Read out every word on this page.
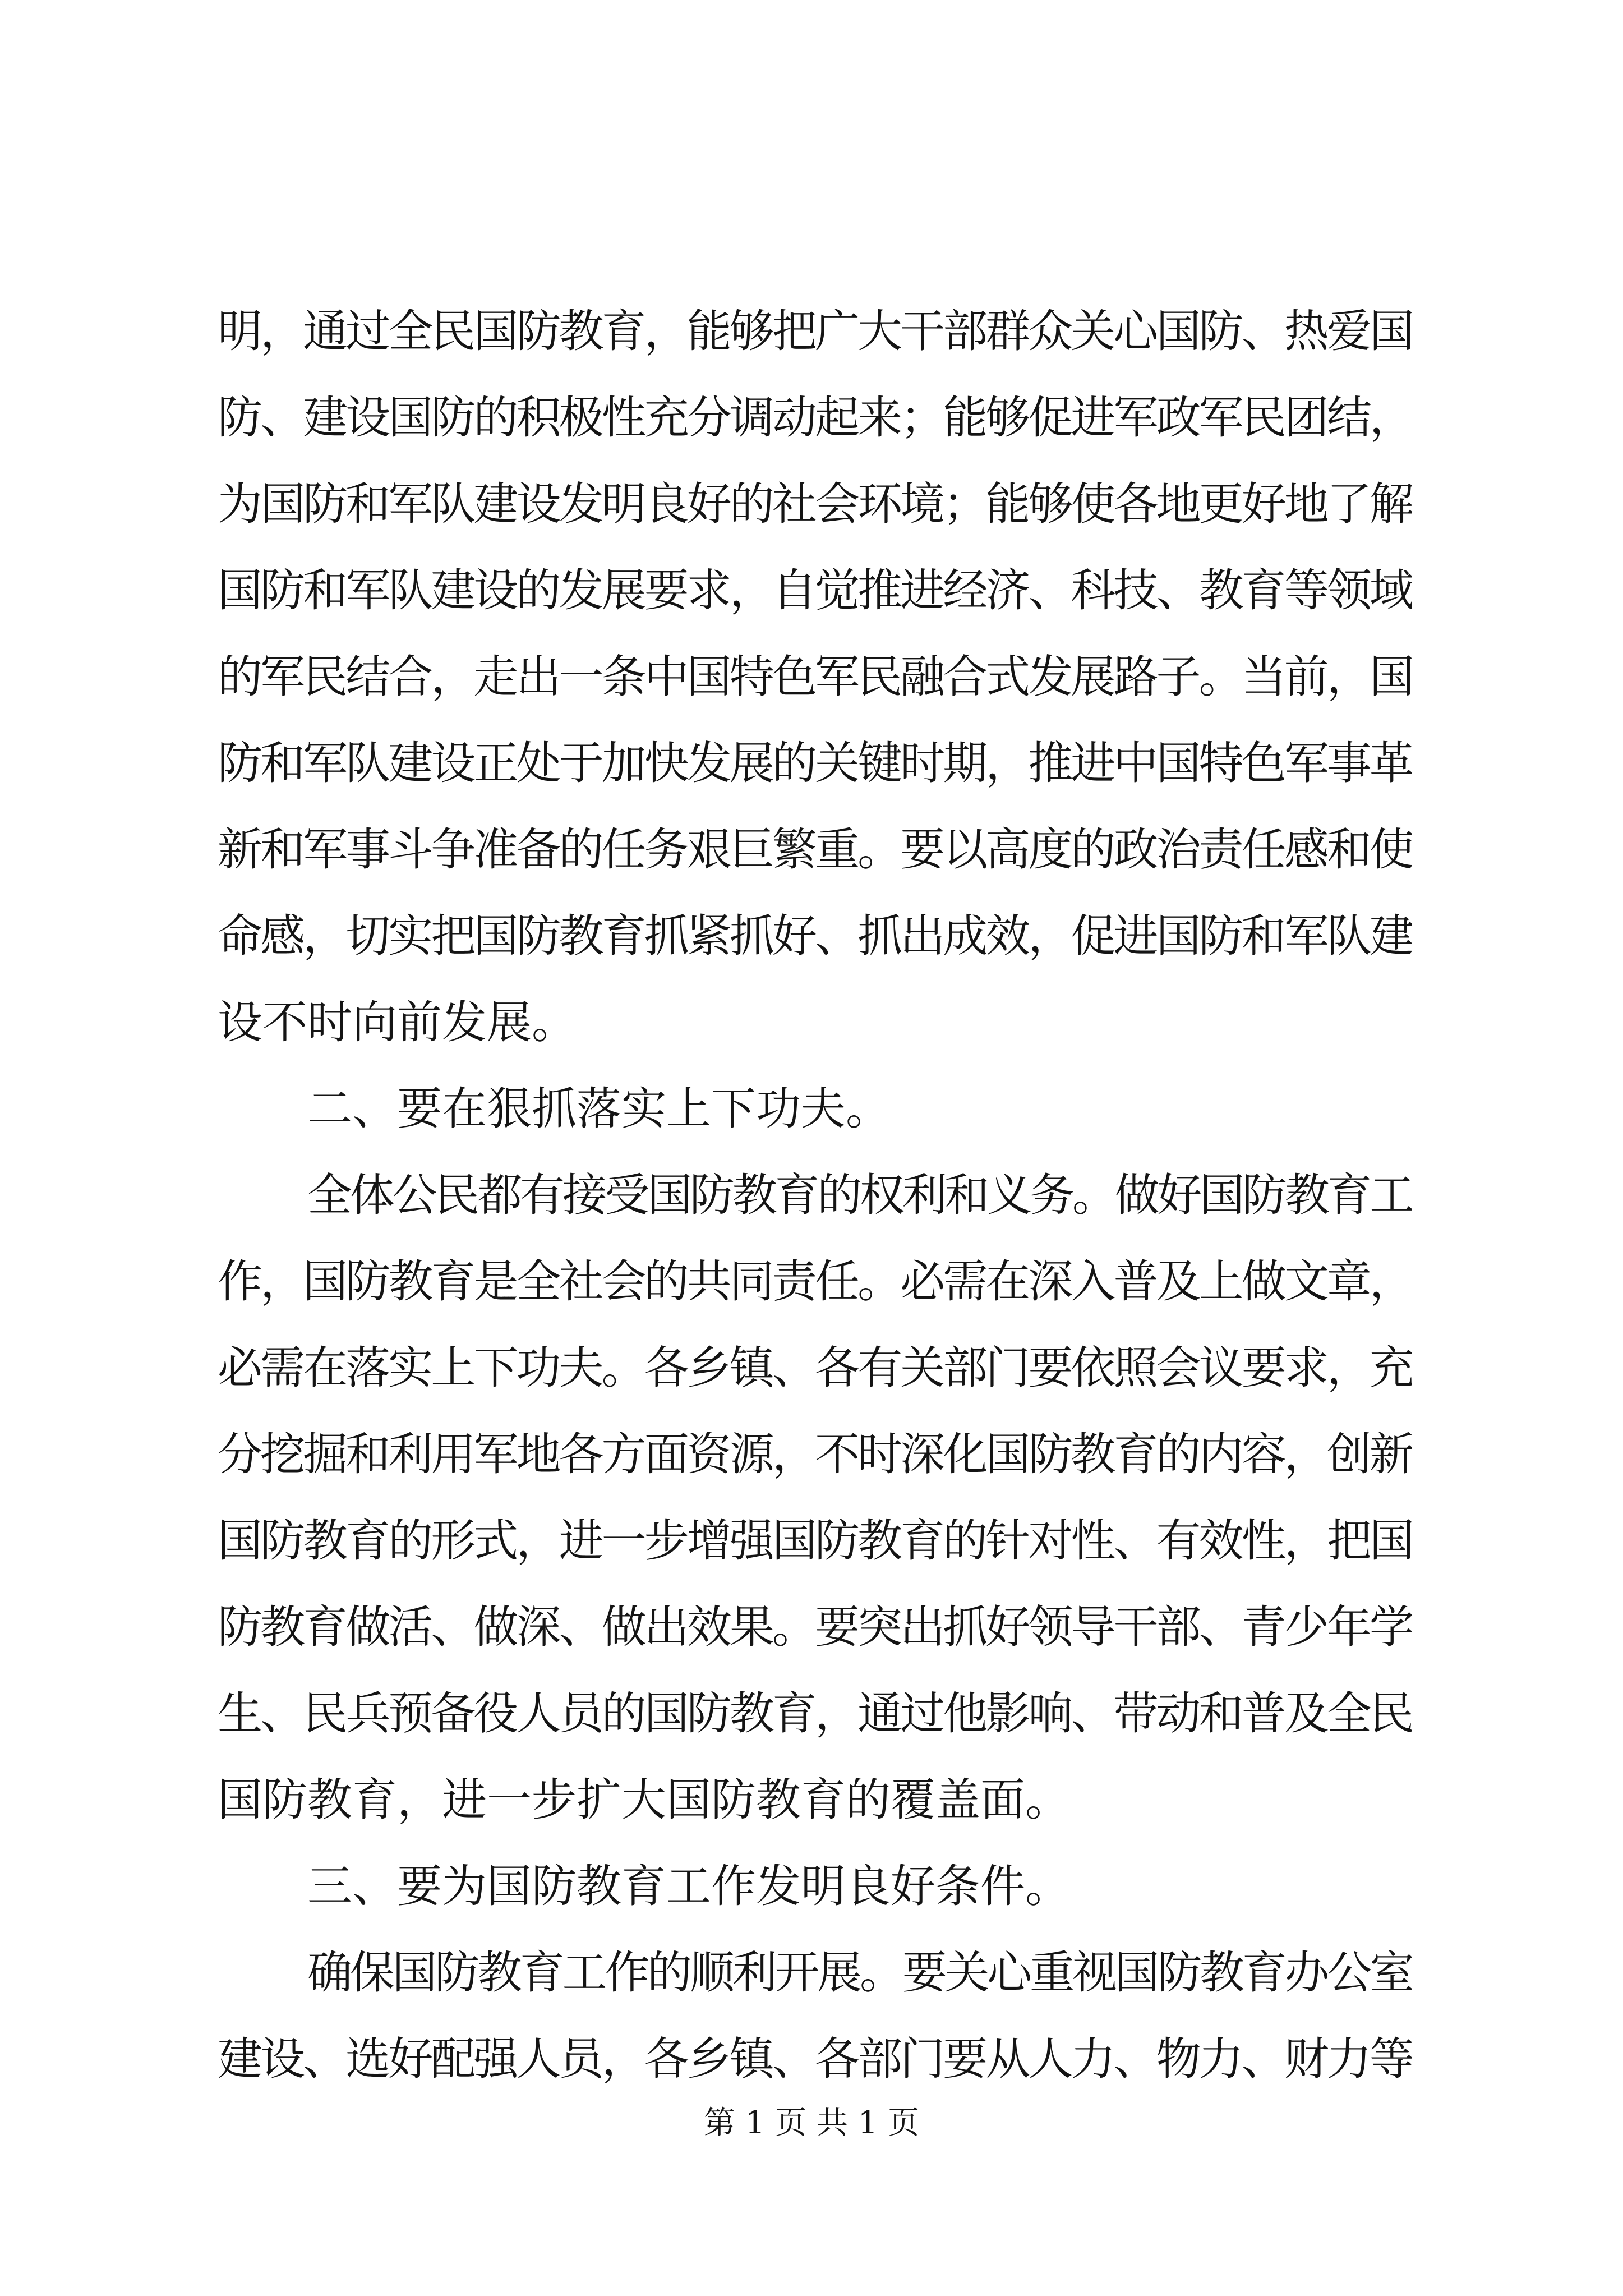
明，通过全民国防教育，能够把广大干部群众关心国防、热爱国
防、建设国防的积极性充分调动起来；能够促进军政军民团结，
为国防和军队建设发明良好的社会环境；能够使各地更好地了解
国防和军队建设的发展要求，自觉推进经济、科技、教育等领域
的军民结合，走出一条中国特色军民融合式发展路子。当前，国
防和军队建设正处于加快发展的关键时期，推进中国特色军事革
新和军事斗争准备的任务艰巨繁重。要以高度的政治责任感和使
命感，切实把国防教育抓紧抓好、抓出成效，促进国防和军队建
设不时向前发展。
二、要在狠抓落实上下功夫。
全体公民都有接受国防教育的权利和义务。做好国防教育工
作，国防教育是全社会的共同责任。必需在深入普及上做文章，
必需在落实上下功夫。各乡镇、各有关部门要依照会议要求，充
分挖掘和利用军地各方面资源，不时深化国防教育的内容，创新
国防教育的形式，进一步增强国防教育的针对性、有效性，把国
防教育做活、做深、做出效果。要突出抓好领导干部、青少年学
生、民兵预备役人员的国防教育，通过他影响、带动和普及全民
国防教育，进一步扩大国防教育的覆盖面。
三、要为国防教育工作发明良好条件。
确保国防教育工作的顺利开展。要关心重视国防教育办公室
建设、选好配强人员，各乡镇、各部门要从人力、物力、财力等
第 1 页 共 1 页
